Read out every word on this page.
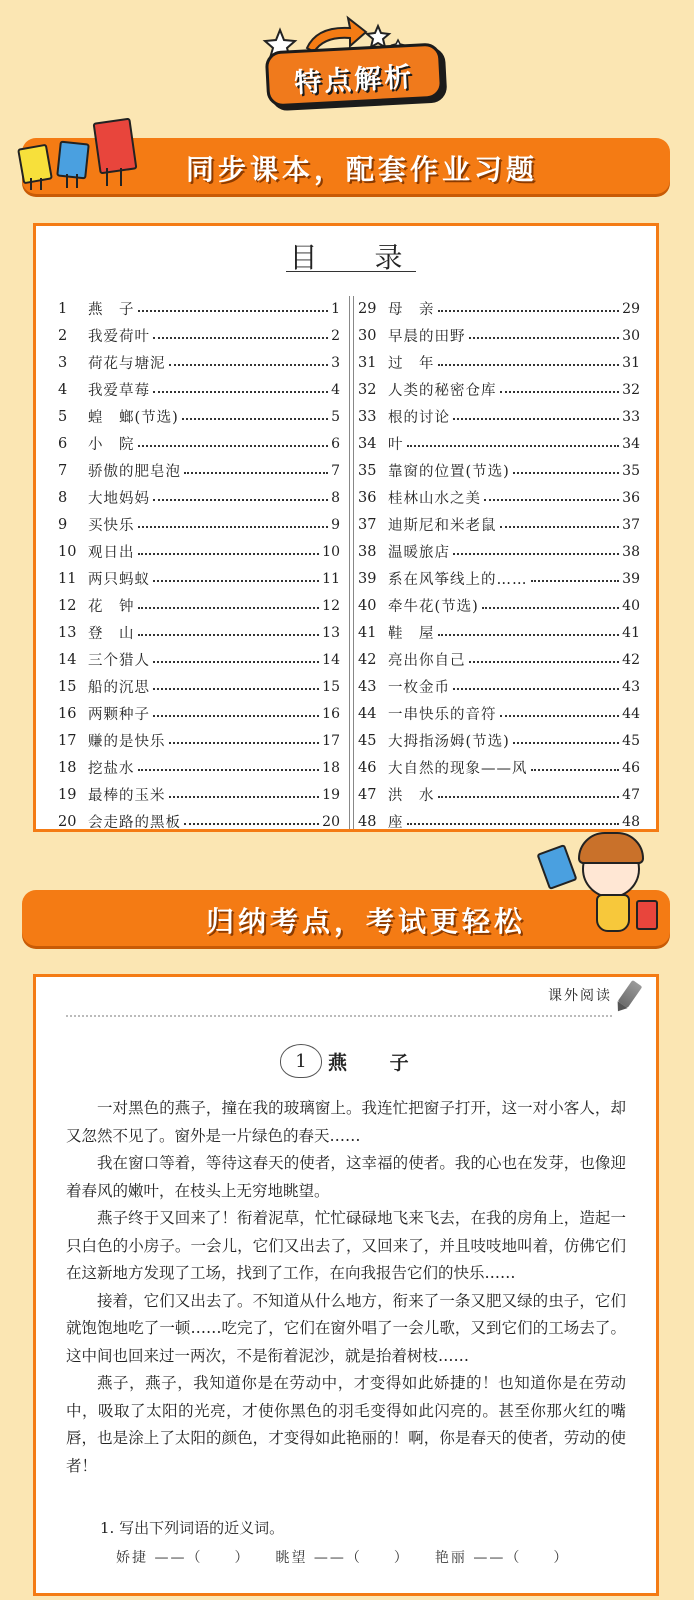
特点解析
同步课本，配套作业习题
目 录
1	燕　子	1
2	我爱荷叶	2
3	荷花与塘泥	3
4	我爱草莓	4
5	蝗　螂(节选)	5
6	小　院	6
7	骄傲的肥皂泡	7
8	大地妈妈	8
9	买快乐	9
10 观日出	10
11 两只蚂蚁	11
12 花　钟	12
13 登　山	13
14 三个猎人	14
15 船的沉思	15
16 两颗种子	16
17 赚的是快乐	17
18 挖盐水	18
19 最棒的玉米	19
20 会走路的黑板	20
29 母　亲	29
30 早晨的田野	30
31 过　年	31
32 人类的秘密仓库	32
33 根的讨论	33
34 叶	34
35 靠窗的位置(节选)	35
36 桂林山水之美	36
37 迪斯尼和米老鼠	37
38 温暖旅店	38
39 系在风筝线上的……	39
40 牵牛花(节选)	40
41 鞋　屋	41
42 亮出你自己	42
43 一枚金币	43
44 一串快乐的音符	44
45 大拇指汤姆(节选)	45
46 大自然的现象——风	46
47 洪　水	47
48 座	48
归纳考点，考试更轻松
课外阅读
1	燕 子

一对黑色的燕子，撞在我的玻璃窗上。我连忙把窗子打开，这一对小客人，却又忽然不见了。窗外是一片绿色的春天……

我在窗口等着，等待这春天的使者，这幸福的使者。我的心也在发芽，也像迎着春风的嫩叶，在枝头上无穷地眺望。

燕子终于又回来了！衔着泥草，忙忙碌碌地飞来飞去，在我的房角上，造起一只白色的小房子。一会儿，它们又出去了，又回来了，并且吱吱地叫着，仿佛它们在这新地方发现了工场，找到了工作，在向我报告它们的快乐……

接着，它们又出去了。不知道从什么地方，衔来了一条又肥又绿的虫子，它们就饱饱地吃了一顿……吃完了，它们在窗外唱了一会儿歌，又到它们的工场去了。这中间也回来过一两次，不是衔着泥沙，就是抬着树枝……

燕子，燕子，我知道你是在劳动中，才变得如此娇捷的！也知道你是在劳动中，吸取了太阳的光亮，才使你黑色的羽毛变得如此闪亮的。甚至你那火红的嘴唇，也是涂上了太阳的颜色，才变得如此艳丽的！啊，你是春天的使者，劳动的使者！

1. 写出下列词语的近义词。
娇捷 ——（　　）　　眺望 ——（　　）　　艳丽 ——（　　）
